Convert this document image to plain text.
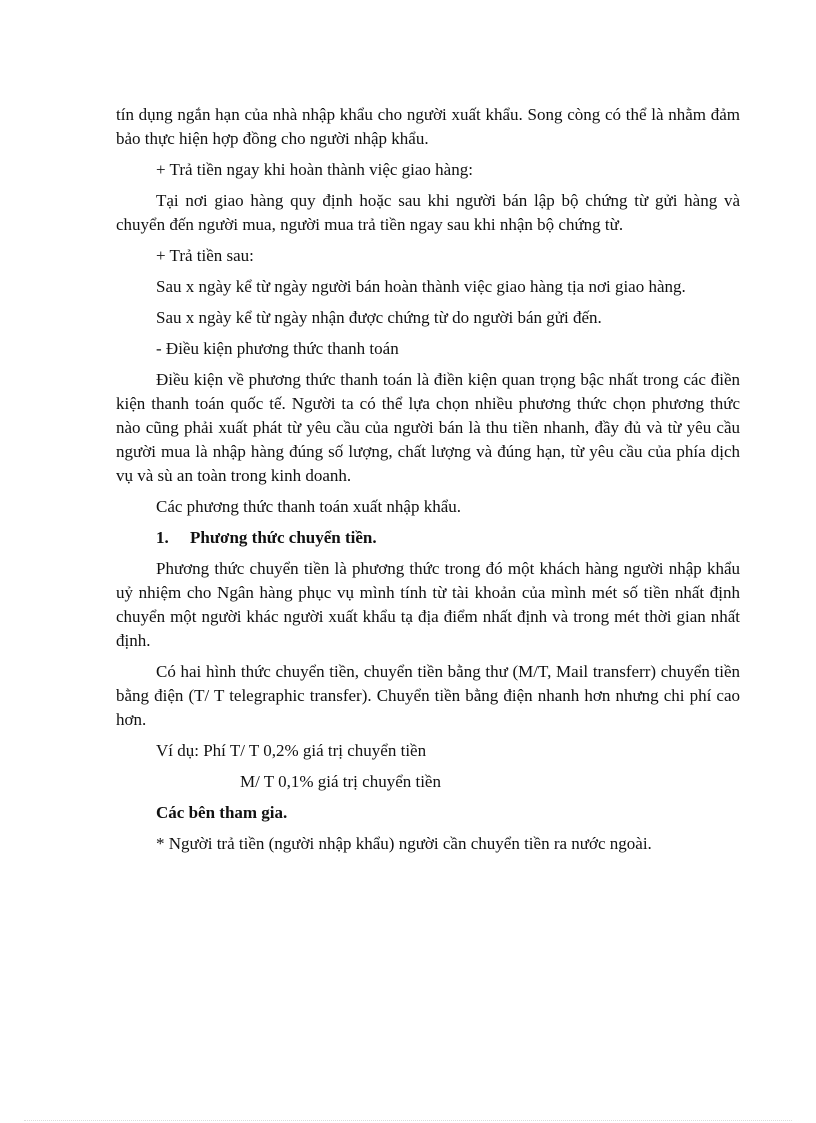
tín dụng ngắn hạn của nhà nhập khẩu cho người xuất khẩu. Song còng có thể là nhằm đảm bảo thực hiện hợp đồng cho người nhập khẩu.

+ Trả tiền ngay khi hoàn thành việc giao hàng:

Tại nơi giao hàng quy định hoặc sau khi người bán lập bộ chứng từ gửi hàng và chuyển đến người mua, người mua trả tiền ngay sau khi nhận bộ chứng từ.

+ Trả tiền sau:

Sau x ngày kể từ ngày người bán hoàn thành việc giao hàng tịa nơi giao hàng.

Sau x ngày kể từ ngày nhận được chứng từ do người bán gửi đến.

- Điều kiện phương thức thanh toán

Điều kiện về phương thức thanh toán là điền kiện quan trọng bậc nhất trong các điền kiện thanh toán quốc tế. Người ta có thể lựa chọn nhiều phương thức chọn phương thức nào cũng phải xuất phát từ yêu cầu của người bán là thu tiền nhanh, đầy đủ và từ yêu cầu người mua là nhập hàng đúng số lượng, chất lượng và đúng hạn, từ yêu cầu của phía dịch vụ và sù an toàn trong kinh doanh.

Các phương thức thanh toán xuất nhập khẩu.

1. Phương thức chuyển tiền.

Phương thức chuyển tiền là phương thức trong đó một khách hàng người nhập khẩu uỷ nhiệm cho Ngân hàng phục vụ mình tính từ tài khoản của mình mét số tiền nhất định chuyển một người khác người xuất khẩu tạ địa điểm nhất định và trong mét thời gian nhất định.

Có hai hình thức chuyển tiền, chuyển tiền bằng thư (M/T, Mail transferr) chuyển tiền bằng điện (T/ T telegraphic transfer). Chuyển tiền bằng điện nhanh hơn nhưng chi phí cao hơn.

Ví dụ: Phí T/ T 0,2% giá trị chuyển tiền

M/ T 0,1% giá trị chuyển tiền

Các bên tham gia.

* Người trả tiền (người nhập khẩu) người cần chuyển tiền ra nước ngoài.
